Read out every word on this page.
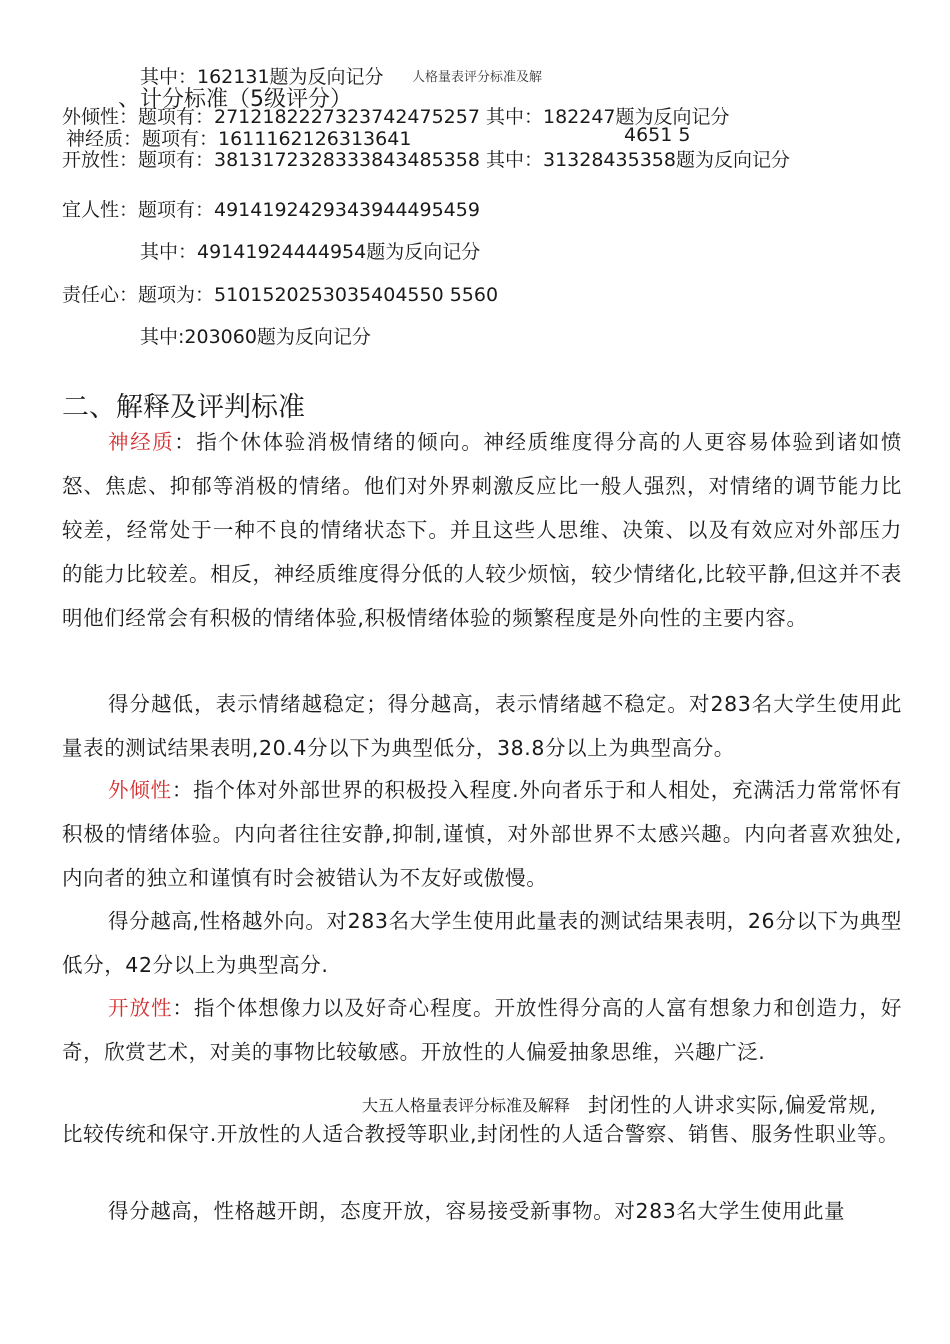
其中：162131题为反向记分 人格量表评分标准及解
、计分标准（5级评分）
外倾性：题项有：2712182227323742475257 其中：182247题为反向记分
神经质：题项有：1611162126313641	4651 5
开放性：题项有：3813172328333843485358 其中：31328435358题为反向记分
宜人性：题项有：4914192429343944495459
其中：49141924444954题为反向记分
责任心：题项为：5101520253035404550 5560
其中:203060题为反向记分
二、解释及评判标准

神经质：指个休体验消极情绪的倾向。神经质维度得分高的人更容易体验到诸如愤怒、焦虑、抑郁等消极的情绪。他们对外界刺激反应比一般人强烈，对情绪的调节能力比较差，经常处于一种不良的情绪状态下。并且这些人思维、决策、以及有效应对外部压力的能力比较差。相反，神经质维度得分低的人较少烦恼，较少情绪化,比较平静,但这并不表明他们经常会有积极的情绪体验,积极情绪体验的频繁程度是外向性的主要内容。

得分越低，表示情绪越稳定；得分越高，表示情绪越不稳定。对283名大学生使用此量表的测试结果表明,20.4分以下为典型低分，38.8分以上为典型高分。

外倾性：指个体对外部世界的积极投入程度.外向者乐于和人相处，充满活力常常怀有积极的情绪体验。内向者往往安静,抑制,谨慎，对外部世界不太感兴趣。内向者喜欢独处,内向者的独立和谨慎有时会被错认为不友好或傲慢。

得分越高,性格越外向。对283名大学生使用此量表的测试结果表明，26分以下为典型低分，42分以上为典型高分.

开放性：指个体想像力以及好奇心程度。开放性得分高的人富有想象力和创造力，好奇，欣赏艺术，对美的事物比较敏感。开放性的人偏爱抽象思维，兴趣广泛.

大五人格量表评分标准及解释 封闭性的人讲求实际,偏爱常规,

比较传统和保守.开放性的人适合教授等职业,封闭性的人适合警察、销售、服务性职业等。

得分越高，性格越开朗，态度开放，容易接受新事物。对283名大学生使用此量
